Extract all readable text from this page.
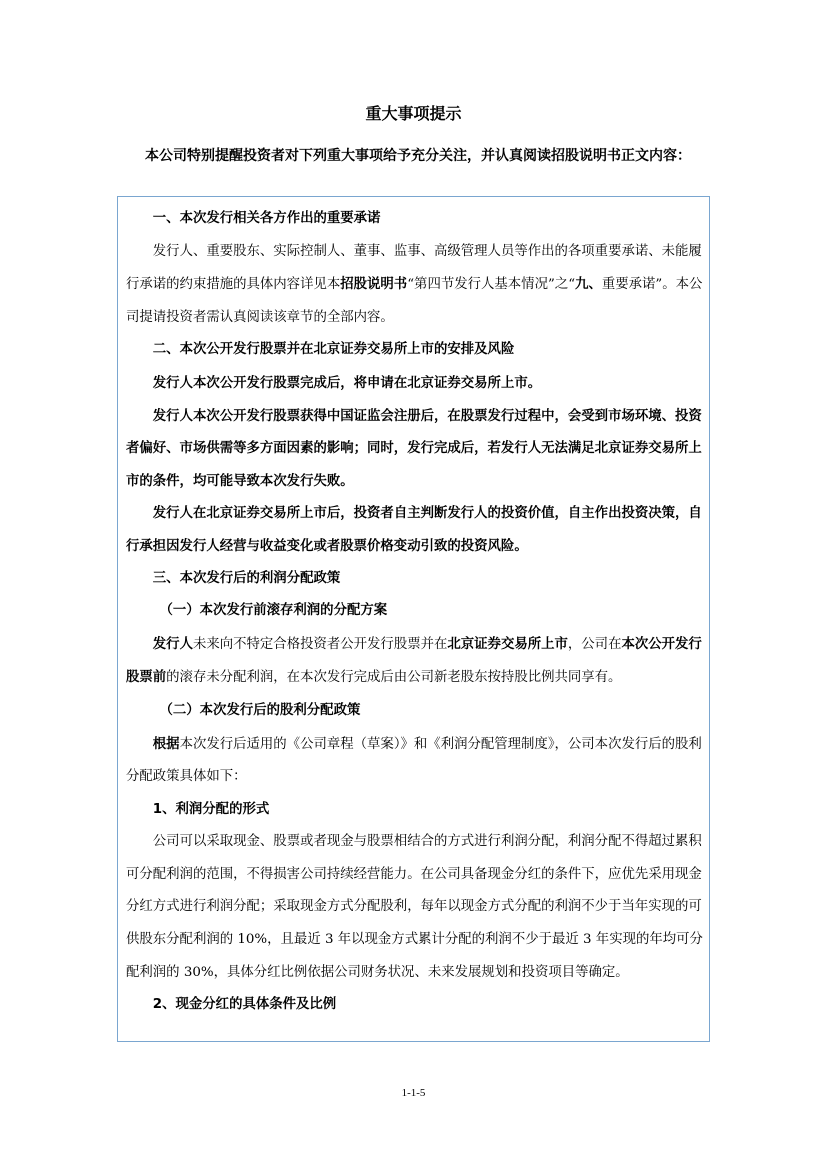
重大事项提示
本公司特别提醒投资者对下列重大事项给予充分关注，并认真阅读招股说明书正文内容：

一、本次发行相关各方作出的重要承诺

发行人、重要股东、实际控制人、董事、监事、高级管理人员等作出的各项重要承诺、未能履行承诺的约束措施的具体内容详见本招股说明书“第四节发行人基本情况”之“九、重要承诺”。本公司提请投资者需认真阅读该章节的全部内容。

二、本次公开发行股票并在北京证券交易所上市的安排及风险

发行人本次公开发行股票完成后，将申请在北京证券交易所上市。

发行人本次公开发行股票获得中国证监会注册后，在股票发行过程中，会受到市场环境、投资者偏好、市场供需等多方面因素的影响；同时，发行完成后，若发行人无法满足北京证券交易所上市的条件，均可能导致本次发行失败。

发行人在北京证券交易所上市后，投资者自主判断发行人的投资价值，自主作出投资决策，自行承担因发行人经营与收益变化或者股票价格变动引致的投资风险。

三、本次发行后的利润分配政策

（一）本次发行前滚存利润的分配方案

发行人未来向不特定合格投资者公开发行股票并在北京证券交易所上市，公司在本次公开发行股票前的滚存未分配利润，在本次发行完成后由公司新老股东按持股比例共同享有。

（二）本次发行后的股利分配政策

根据本次发行后适用的《公司章程（草案）》和《利润分配管理制度》，公司本次发行后的股利分配政策具体如下：

1、利润分配的形式

公司可以采取现金、股票或者现金与股票相结合的方式进行利润分配，利润分配不得超过累积可分配利润的范围，不得损害公司持续经营能力。在公司具备现金分红的条件下，应优先采用现金分红方式进行利润分配；采取现金方式分配股利，每年以现金方式分配的利润不少于当年实现的可供股东分配利润的 10%，且最近 3 年以现金方式累计分配的利润不少于最近 3 年实现的年均可分配利润的 30%，具体分红比例依据公司财务状况、未来发展规划和投资项目等确定。

2、现金分红的具体条件及比例

1-1-5
